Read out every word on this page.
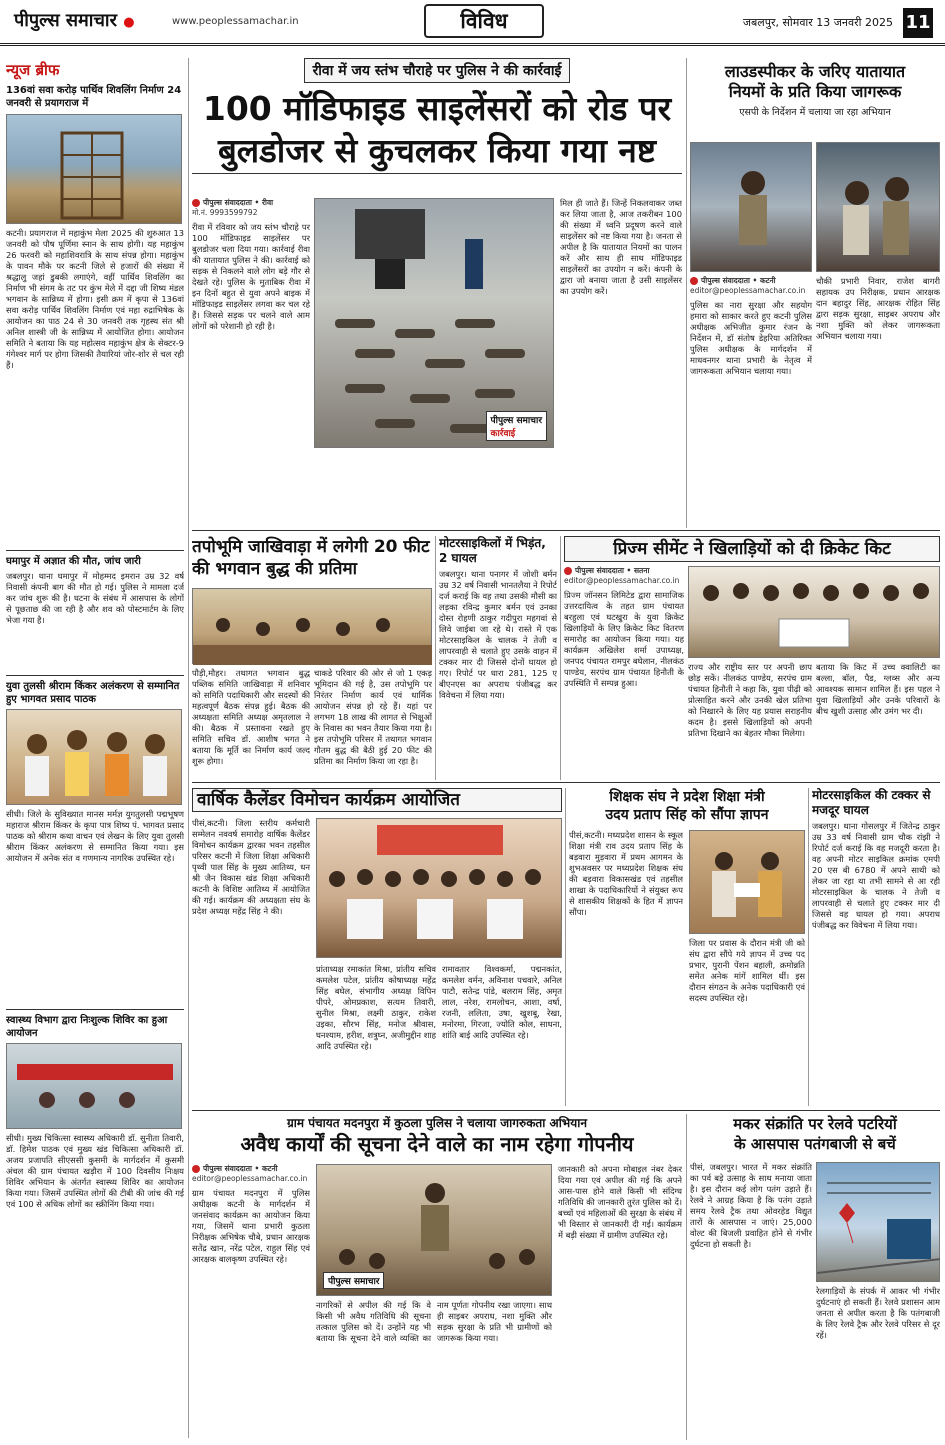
पीपुल्स समाचार ●	www.peoplessamachar.in	विविध	जबलपुर, सोमवार 13 जनवरी 2025 11
न्यूज ब्रीफ
136वां सवा करोड़ पार्थिव शिवलिंग निर्माण 24 जनवरी से प्रयागराज में
कटनी। प्रयागराज में महाकुंभ मेला 2025 की शुरुआत 13 जनवरी को पौष पूर्णिमा स्नान के साथ होगी। यह महाकुंभ 26 फरवरी को महाशिवरात्रि के साथ संपन्न होगा। महाकुंभ के पावन मौके पर कटनी जिले से हजारों की संख्या में श्रद्धालु जहां डुबकी लगाएंगे, वहीं पार्थिव शिवलिंग का निर्माण भी संगम के तट पर कुंभ मेले में दद्दा जी शिष्य मंडल भगवान के सान्निध्य में होगा। इसी क्रम में कृपा से 136वां सवा करोड़ पार्थिव शिवलिंग निर्माण एवं महा रुद्राभिषेक के आयोजन का पाठ 24 से 30 जनवरी तक गृहस्थ संत श्री अनिल शास्त्री जी के सान्निध्य में आयोजित होगा। आयोजन समिति ने बताया कि यह महोत्सव महाकुंभ क्षेत्र के सेक्टर-9 गंगेश्वर मार्ग पर होगा जिसकी तैयारियां जोर-शोर से चल रही हैं।
घमापुर में अज्ञात की मौत, जांच जारी
जबलपुर। थाना घमापुर में मोहम्मद इमरान उम्र 32 वर्ष निवासी कंपनी बाग की मौत हो गई। पुलिस ने मामला दर्ज कर जांच शुरू की है। घटना के संबंध में आसपास के लोगों से पूछताछ की जा रही है और शव को पोस्टमार्टम के लिए भेजा गया है।
युवा तुलसी श्रीराम किंकर अलंकरण से सम्मानित हुए भागवत प्रसाद पाठक
सीधी। जिले के सुविख्यात मानस मर्मज्ञ युगतुलसी पद्मभूषण महाराज श्रीराम किंकर के कृपा पात्र शिष्य पं. भागवत प्रसाद पाठक को श्रीराम कथा वाचन एवं लेखन के लिए युवा तुलसी श्रीराम किंकर अलंकरण से सम्मानित किया गया। इस आयोजन में अनेक संत व गणमान्य नागरिक उपस्थित रहे।
स्वास्थ्य विभाग द्वारा निःशुल्क शिविर का हुआ आयोजन
सीधी। मुख्य चिकित्सा स्वास्थ्य अधिकारी डॉ. सुनीता तिवारी, डॉ. हिमेश पाठक एवं मुख्य खंड चिकित्सा अधिकारी डॉ. अजय प्रजापति सीएससी कुसमी के मार्गदर्शन में कुसमी अंचल की ग्राम पंचायत खड़ौरा में 100 दिवसीय निःक्षय शिविर अभियान के अंतर्गत स्वास्थ्य शिविर का आयोजन किया गया। जिसमें उपस्थित लोगों की टीबी की जांच की गई एवं 100 से अधिक लोगों का स्क्रीनिंग किया गया।
रीवा में जय स्तंभ चौराहे पर पुलिस ने की कार्रवाई
100 मॉडिफाइड साइलेंसरों को रोड पर
बुलडोजर से कुचलकर किया गया नष्ट
पीपुल्स संवाददाता • रीवा
मो.नं. 9993599792
रीवा में रविवार को जय स्तंभ चौराहे पर 100 मॉडिफाइड साइलेंसर पर बुलडोजर चला दिया गया। कार्रवाई रीवा की यातायात पुलिस ने की। कार्रवाई को सड़क से निकलने वाले लोग बड़े गौर से देखते रहे। पुलिस के मुताबिक रीवा में इन दिनों बहुत से युवा अपने बाइक में मॉडिफाइड साइलेंसर लगवा कर चल रहे हैं। जिससे सड़क पर चलने वाले आम लोगों को परेशानी हो रही है।
पीपुल्स समाचार
कार्रवाई
मिल ही जाते हैं। जिन्हें निकलवाकर जब्त कर लिया जाता है, आज तकरीबन 100 की संख्या में ध्वनि प्रदूषण करने वाले साइलेंसर को नष्ट किया गया है। जनता से अपील है कि यातायात नियमों का पालन करें और साथ ही साथ मॉडिफाइड साइलेंसरों का उपयोग न करें। कंपनी के द्वारा जो बनाया जाता है उसी साइलेंसर का उपयोग करें।
लाउडस्पीकर के जरिए यातायात
नियमों के प्रति किया जागरूक
एसपी के निर्देशन में चलाया जा रहा अभियान
पीपुल्स संवाददाता • कटनी
editor@peoplessamachar.co.in
पुलिस का नारा सुरक्षा और सहयोग हमारा को साकार करते हुए कटनी पुलिस अधीक्षक अभिजीत कुमार रंजन के निर्देशन में, डॉ संतोष डेहरिया अतिरिक्त पुलिस अधीक्षक के मार्गदर्शन में माधवनगर थाना प्रभारी के नेतृत्व में जागरूकता अभियान चलाया गया।
चौकी प्रभारी निवार, राजेश बागरी सहायक उप निरीक्षक, प्रधान आरक्षक दान बहादुर सिंह, आरक्षक रोहित सिंह द्वारा सड़क सुरक्षा, साइबर अपराध और नशा मुक्ति को लेकर जागरूकता अभियान चलाया गया।
तपोभूमि जाखिवाड़ा में लगेगी 20 फीट की भगवान बुद्ध की प्रतिमा
पौड़ी,मौहर। तथागत भगवान बुद्ध पब्लिक समिति जाखिवाड़ा में शनिवार को समिति पदाधिकारी और सदस्यों की महत्वपूर्ण बैठक संपन्न हुई। बैठक की अध्यक्षता समिति अध्यक्ष अमृतलाल ने की। बैठक में प्रस्तावना रखते हुए समिति सचिव डॉ. आशीष भगत ने बताया कि मूर्ति का निर्माण कार्य जल्द शुरू होगा।
चाकडे परिवार की ओर से जो 1 एकड़ भूमिदान की गई है, उस तपोभूमि पर निरंतर निर्माण कार्य एवं धार्मिक आयोजन संपन्न हो रहे हैं। यहां पर लगभग 18 लाख की लागत से भिक्षुओं के निवास का भवन तैयार किया गया है। इस तपोभूमि परिसर में तथागत भगवान गौतम बुद्ध की बैठी हुई 20 फीट की प्रतिमा का निर्माण किया जा रहा है।
मोटरसाइकिलों में भिड़ंत, 2 घायल
जबलपुर। थाना पनागर में जोशी बर्मन उम्र 32 वर्ष निवासी भानतलैया ने रिपोर्ट दर्ज कराई कि वह तथा उसकी मौसी का लड़का रविन्द्र कुमार बर्मन एवं उनका दोस्त रोहणी ठाकुर गदीपुरा महगवां से लिवे जाईबा जा रहे थे। रास्ते में एक मोटरसाइकिल के चालक ने तेजी व लापरवाही से चलाते हुए उसके वाहन में टक्कर मार दी जिससे दोनों घायल हो गए। रिपोर्ट पर धारा 281, 125 ए बीएनएस का अपराध पंजीबद्ध कर विवेचना में लिया गया।
प्रिज्म सीमेंट ने खिलाड़ियों को दी क्रिकेट किट
पीपुल्स संवाददाता • सतना
editor@peoplessamachar.co.in
प्रिज्म जॉनसन लिमिटेड द्वारा सामाजिक उत्तरदायित्व के तहत ग्राम पंचायत बरहुला एवं घटखुरा के युवा क्रिकेट खिलाड़ियों के लिए क्रिकेट किट वितरण समारोह का आयोजन किया गया। यह कार्यक्रम अखिलेश शर्मा उपाध्यक्ष, जनपद पंचायत रामपुर बघेलान, नीलकंठ पाण्डेय, सरपंच ग्राम पंचायत हिनौती के उपस्थिति में सम्पन्न हुआ।
राज्य और राष्ट्रीय स्तर पर अपनी छाप छोड़ सकें। नीलकंठ पाण्डेय, सरपंच ग्राम पंचायत हिनौती ने कहा कि, युवा पीढ़ी को प्रोत्साहित करने और उनकी खेल प्रतिभा को निखारने के लिए यह प्रयास सराहनीय कदम है। इससे खिलाड़ियों को अपनी प्रतिभा दिखाने का बेहतर मौका मिलेगा।
बताया कि किट में उच्च क्वालिटी का बल्ला, बॉल, पैड, ग्लव्स और अन्य आवश्यक सामान शामिल हैं। इस पहल ने युवा खिलाड़ियों और उनके परिवारों के बीच खुशी उत्साह और उमंग भर दी।
वार्षिक कैलेंडर विमोचन कार्यक्रम आयोजित
पीसं,कटनी। जिला स्तरीय कर्मचारी सम्मेलन नववर्ष समारोह वार्षिक कैलेंडर विमोचन कार्यक्रम द्वारका भवन तहसील परिसर कटनी में जिला शिक्षा अधिकारी पृथ्वी पाल सिंह के मुख्य आतिथ्य, धन श्री जैन विकास खंड शिक्षा अधिकारी कटनी के विशिष्ट आतिथ्य में आयोजित की गई। कार्यक्रम की अध्यक्षता संघ के प्रदेश अध्यक्ष महेंद्र सिंह ने की।
प्रांताध्यक्ष रमाकांत मिश्रा, प्रांतीय सचिव कमलेश पटेल, प्रांतीय कोषाध्यक्ष महेंद्र सिंह बघेल, संभागीय अध्यक्ष विपिन पीपरे, ओमप्रकाश, सत्यम तिवारी, सुनील मिश्रा, लक्ष्मी ठाकुर, राकेश उइका, सौरभ सिंह, मनोज श्रीवास, घनश्याम, हरीश, शत्रुघ्न, अजीमुद्दीन शाह आदि उपस्थित रहे।
रामावतार विश्वकर्मा, पद्मनकांत, कमलेश वर्मन, अविनाश पचवारे, अनिल पाटौ, सतेन्द्र पांडे, बलराम सिंह, अमृत लाल, नरेश, रामलोचन, आशा, वर्षा, रजनी, ललिता, उषा, खुशबू, रेखा, मनोरमा, गिरजा, ज्योति कोल, साधना, शांति बाई आदि उपस्थित रहे।
शिक्षक संघ ने प्रदेश शिक्षा मंत्री
उदय प्रताप सिंह को सौंपा ज्ञापन
पीसं,कटनी। मध्यप्रदेश शासन के स्कूल शिक्षा मंत्री राव उदय प्रताप सिंह के बड़वारा मुड़वारा में प्रथम आगमन के शुभअवसर पर मध्यप्रदेश शिक्षक संघ की बड़वारा विकासखंड एवं तहसील शाखा के पदाधिकारियों ने संयुक्त रूप से शासकीय शिक्षकों के हित में ज्ञापन सौंपा।
जिला पर प्रवास के दौरान मंत्री जी को संघ द्वारा सौंपे गये ज्ञापन में उच्च पद प्रभार, पुरानी पेंशन बहाली, क्रमोन्नति समेत अनेक मांगें शामिल थीं। इस दौरान संगठन के अनेक पदाधिकारी एवं सदस्य उपस्थित रहे।
मोटरसाइकिल की टक्कर से मजदूर घायल
जबलपुर। थाना गोसलपुर में जितेन्द्र ठाकुर उम्र 33 वर्ष निवासी ग्राम चौक रांझी ने रिपोर्ट दर्ज कराई कि वह मजदूरी करता है। वह अपनी मोटर साइकिल क्रमांक एमपी 20 एस बी 6780 में अपने साथी को लेकर जा रहा था तभी सामने से आ रही मोटरसाइकिल के चालक ने तेजी व लापरवाही से चलाते हुए टक्कर मार दी जिससे वह घायल हो गया। अपराध पंजीबद्ध कर विवेचना में लिया गया।
ग्राम पंचायत मदनपुरा में कुठला पुलिस ने चलाया जागरुकता अभियान
अवैध कार्यों की सूचना देने वाले का नाम रहेगा गोपनीय
पीपुल्स संवाददाता • कटनी
editor@peoplessamachar.co.in
ग्राम पंचायत मदनपुरा में पुलिस अधीक्षक कटनी के मार्गदर्शन में जनसंवाद कार्यक्रम का आयोजन किया गया, जिसमें थाना प्रभारी कुठला निरीक्षक अभिषेक चौबे, प्रधान आरक्षक सतेंद्र खान, नरेंद्र पटेल, राहुल सिंह एवं आरक्षक बालकृष्ण उपस्थित रहे।
पीपुल्स समाचार
नागरिकों से अपील की गई कि वे किसी भी अवैध गतिविधि की सूचना तत्काल पुलिस को दें। उन्होंने यह भी बताया कि सूचना देने वाले व्यक्ति का नाम पूर्णतः गोपनीय रखा जाएगा। साथ ही साइबर अपराध, नशा मुक्ति और सड़क सुरक्षा के प्रति भी ग्रामीणों को जागरूक किया गया।
जानकारी को अपना मोबाइल नंबर देकर दिया गया एवं अपील की गई कि अपने आस-पास होने वाले किसी भी संदिग्ध गतिविधि की जानकारी तुरंत पुलिस को दें। बच्चों एवं महिलाओं की सुरक्षा के संबंध में भी विस्तार से जानकारी दी गई। कार्यक्रम में बड़ी संख्या में ग्रामीण उपस्थित रहे।
मकर संक्रांति पर रेलवे पटरियों
के आसपास पतंगबाजी से बचें
पीसं, जबलपुर। भारत में मकर संक्रांति का पर्व बड़े उत्साह के साथ मनाया जाता है। इस दौरान कई लोग पतंग उड़ाते हैं। रेलवे ने आग्रह किया है कि पतंग उड़ाते समय रेलवे ट्रैक तथा ओवरहेड विद्युत तारों के आसपास न जाएं। 25,000 वोल्ट की बिजली प्रवाहित होने से गंभीर दुर्घटना हो सकती है।
रेलगाड़ियों के संपर्क में आकर भी गंभीर दुर्घटनाएं हो सकती हैं। रेलवे प्रशासन आम जनता से अपील करता है कि पतंगबाजी के लिए रेलवे ट्रैक और रेलवे परिसर से दूर रहें।
